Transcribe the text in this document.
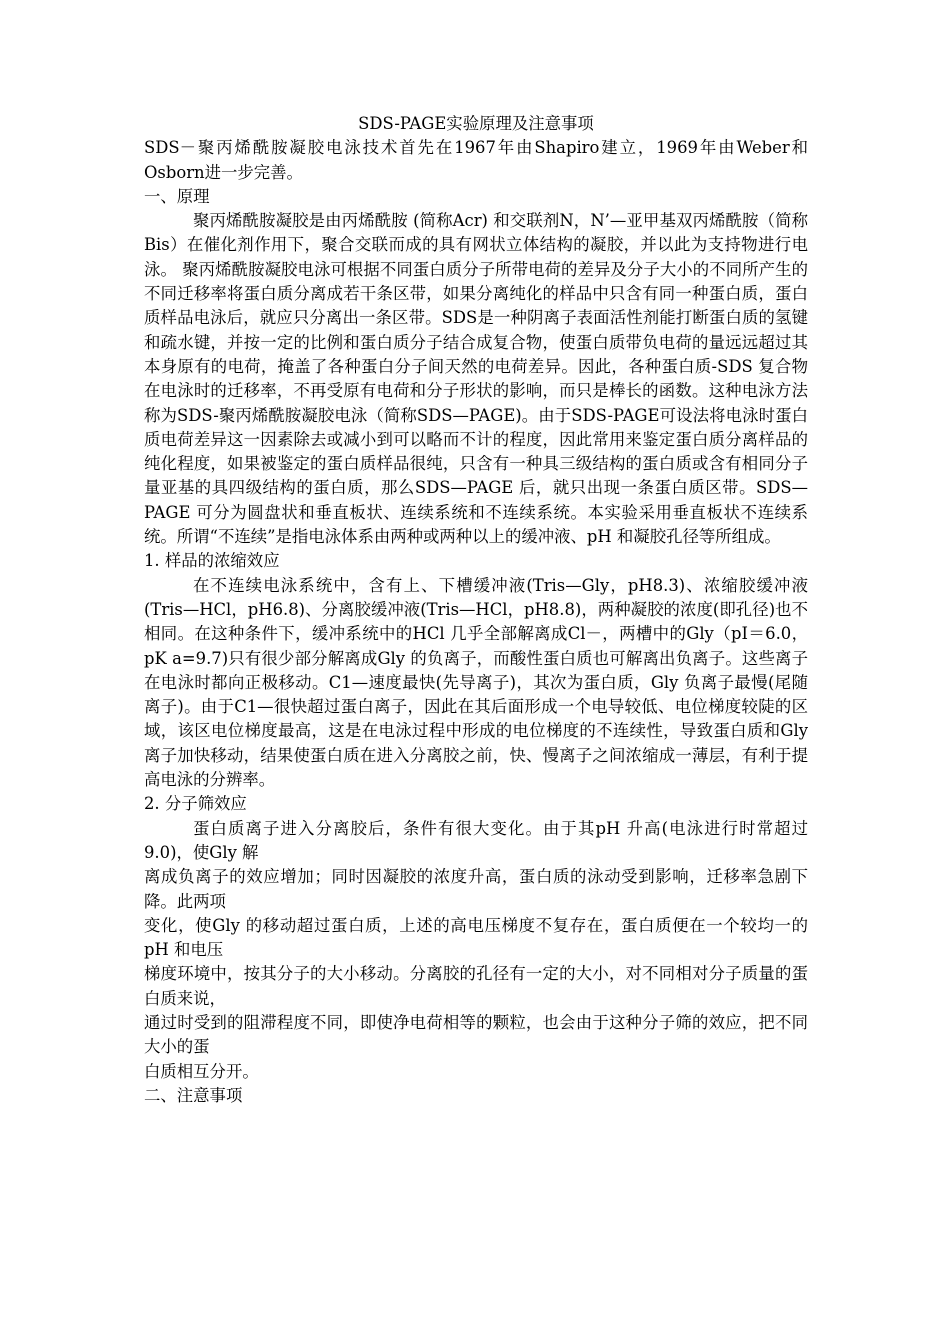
SDS-PAGE实验原理及注意事项

SDS－聚丙烯酰胺凝胶电泳技术首先在1967年由Shapiro建立，1969年由Weber和Osborn进一步完善。

一、原理

聚丙烯酰胺凝胶是由丙烯酰胺 (简称Acr) 和交联剂N，N’—亚甲基双丙烯酰胺（简称Bis）在催化剂作用下，聚合交联而成的具有网状立体结构的凝胶，并以此为支持物进行电泳。 聚丙烯酰胺凝胶电泳可根据不同蛋白质分子所带电荷的差异及分子大小的不同所产生的不同迁移率将蛋白质分离成若干条区带，如果分离纯化的样品中只含有同一种蛋白质，蛋白质样品电泳后，就应只分离出一条区带。SDS是一种阴离子表面活性剂能打断蛋白质的氢键和疏水键，并按一定的比例和蛋白质分子结合成复合物，使蛋白质带负电荷的量远远超过其本身原有的电荷，掩盖了各种蛋白分子间天然的电荷差异。因此，各种蛋白质-SDS 复合物在电泳时的迁移率，不再受原有电荷和分子形状的影响，而只是棒长的函数。这种电泳方法称为SDS-聚丙烯酰胺凝胶电泳（简称SDS—PAGE)。由于SDS-PAGE可设法将电泳时蛋白质电荷差异这一因素除去或减小到可以略而不计的程度，因此常用来鉴定蛋白质分离样品的纯化程度，如果被鉴定的蛋白质样品很纯，只含有一种具三级结构的蛋白质或含有相同分子量亚基的具四级结构的蛋白质，那么SDS—PAGE 后，就只出现一条蛋白质区带。SDS—PAGE 可分为圆盘状和垂直板状、连续系统和不连续系统。本实验采用垂直板状不连续系统。所谓“不连续”是指电泳体系由两种或两种以上的缓冲液、pH 和凝胶孔径等所组成。

1. 样品的浓缩效应

在不连续电泳系统中，含有上、下槽缓冲液(Tris—Gly，pH8.3)、浓缩胶缓冲液(Tris—HCl，pH6.8)、分离胶缓冲液(Tris—HCl，pH8.8)，两种凝胶的浓度(即孔径)也不相同。在这种条件下，缓冲系统中的HCl 几乎全部解离成Cl－，两槽中的Gly（pI＝6.0，pK a=9.7)只有很少部分解离成Gly 的负离子，而酸性蛋白质也可解离出负离子。这些离子在电泳时都向正极移动。C1—速度最快(先导离子)，其次为蛋白质，Gly 负离子最慢(尾随离子)。由于C1—很快超过蛋白离子，因此在其后面形成一个电导较低、电位梯度较陡的区域，该区电位梯度最高，这是在电泳过程中形成的电位梯度的不连续性，导致蛋白质和Gly 离子加快移动，结果使蛋白质在进入分离胶之前，快、慢离子之间浓缩成一薄层，有利于提高电泳的分辨率。

2. 分子筛效应

蛋白质离子进入分离胶后，条件有很大变化。由于其pH 升高(电泳进行时常超过9.0)，使Gly 解

离成负离子的效应增加；同时因凝胶的浓度升高，蛋白质的泳动受到影响，迁移率急剧下降。此两项

变化，使Gly 的移动超过蛋白质，上述的高电压梯度不复存在，蛋白质便在一个较均一的pH 和电压

梯度环境中，按其分子的大小移动。分离胶的孔径有一定的大小，对不同相对分子质量的蛋白质来说，

通过时受到的阻滞程度不同，即使净电荷相等的颗粒，也会由于这种分子筛的效应，把不同大小的蛋

白质相互分开。

二、注意事项
